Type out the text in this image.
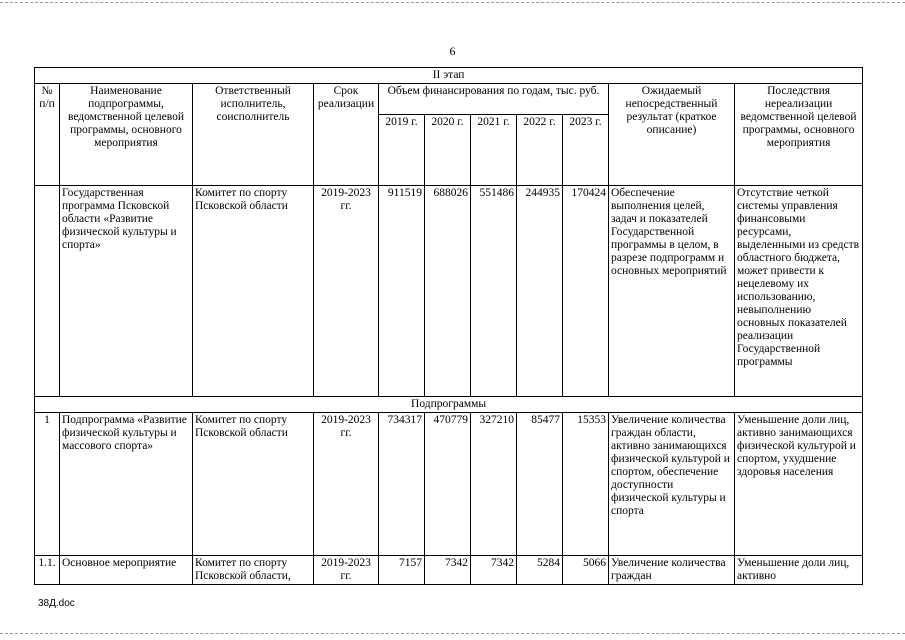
6
II этап										
№ п/п	Наименование подпрограммы, ведомственной целевой программы, основного мероприятия	Ответственный исполнитель, соисполнитель	Срок реализации	Объем финансирования по годам, тыс. руб.					Ожидаемый непосредственный результат (краткое описание)	Последствия нереализации ведомственной целевой программы, основного мероприятия
				2019 г.	2020 г.	2021 г.	2022 г.	2023 г.		
	Государственная программа Псковской области «Развитие физической культуры и спорта»	Комитет по спорту Псковской области	2019-2023 гг.	911519	688026	551486	244935	170424	Обеспечение выполнения целей, задач и показателей Государственной программы в целом, в разрезе подпрограмм и основных мероприятий	Отсутствие четкой системы управления финансовыми ресурсами, выделенными из средств областного бюджета, может привести к нецелевому их использованию, невыполнению основных показателей реализации Государственной программы
Подпрограммы										
1	Подпрограмма «Развитие физической культуры и массового спорта»	Комитет по спорту Псковской области	2019-2023 гг.	734317	470779	327210	85477	15353	Увеличение количества граждан области, активно занимающихся физической культурой и спортом, обеспечение доступности физической культуры и спорта	Уменьшение доли лиц, активно занимающихся физической культурой и спортом, ухудшение здоровья населения
1.1.	Основное мероприятие	Комитет по спорту Псковской области,	2019-2023 гг.	7157	7342	7342	5284	5066	Увеличение количества граждан	Уменьшение доли лиц, активно
38Д.doc
